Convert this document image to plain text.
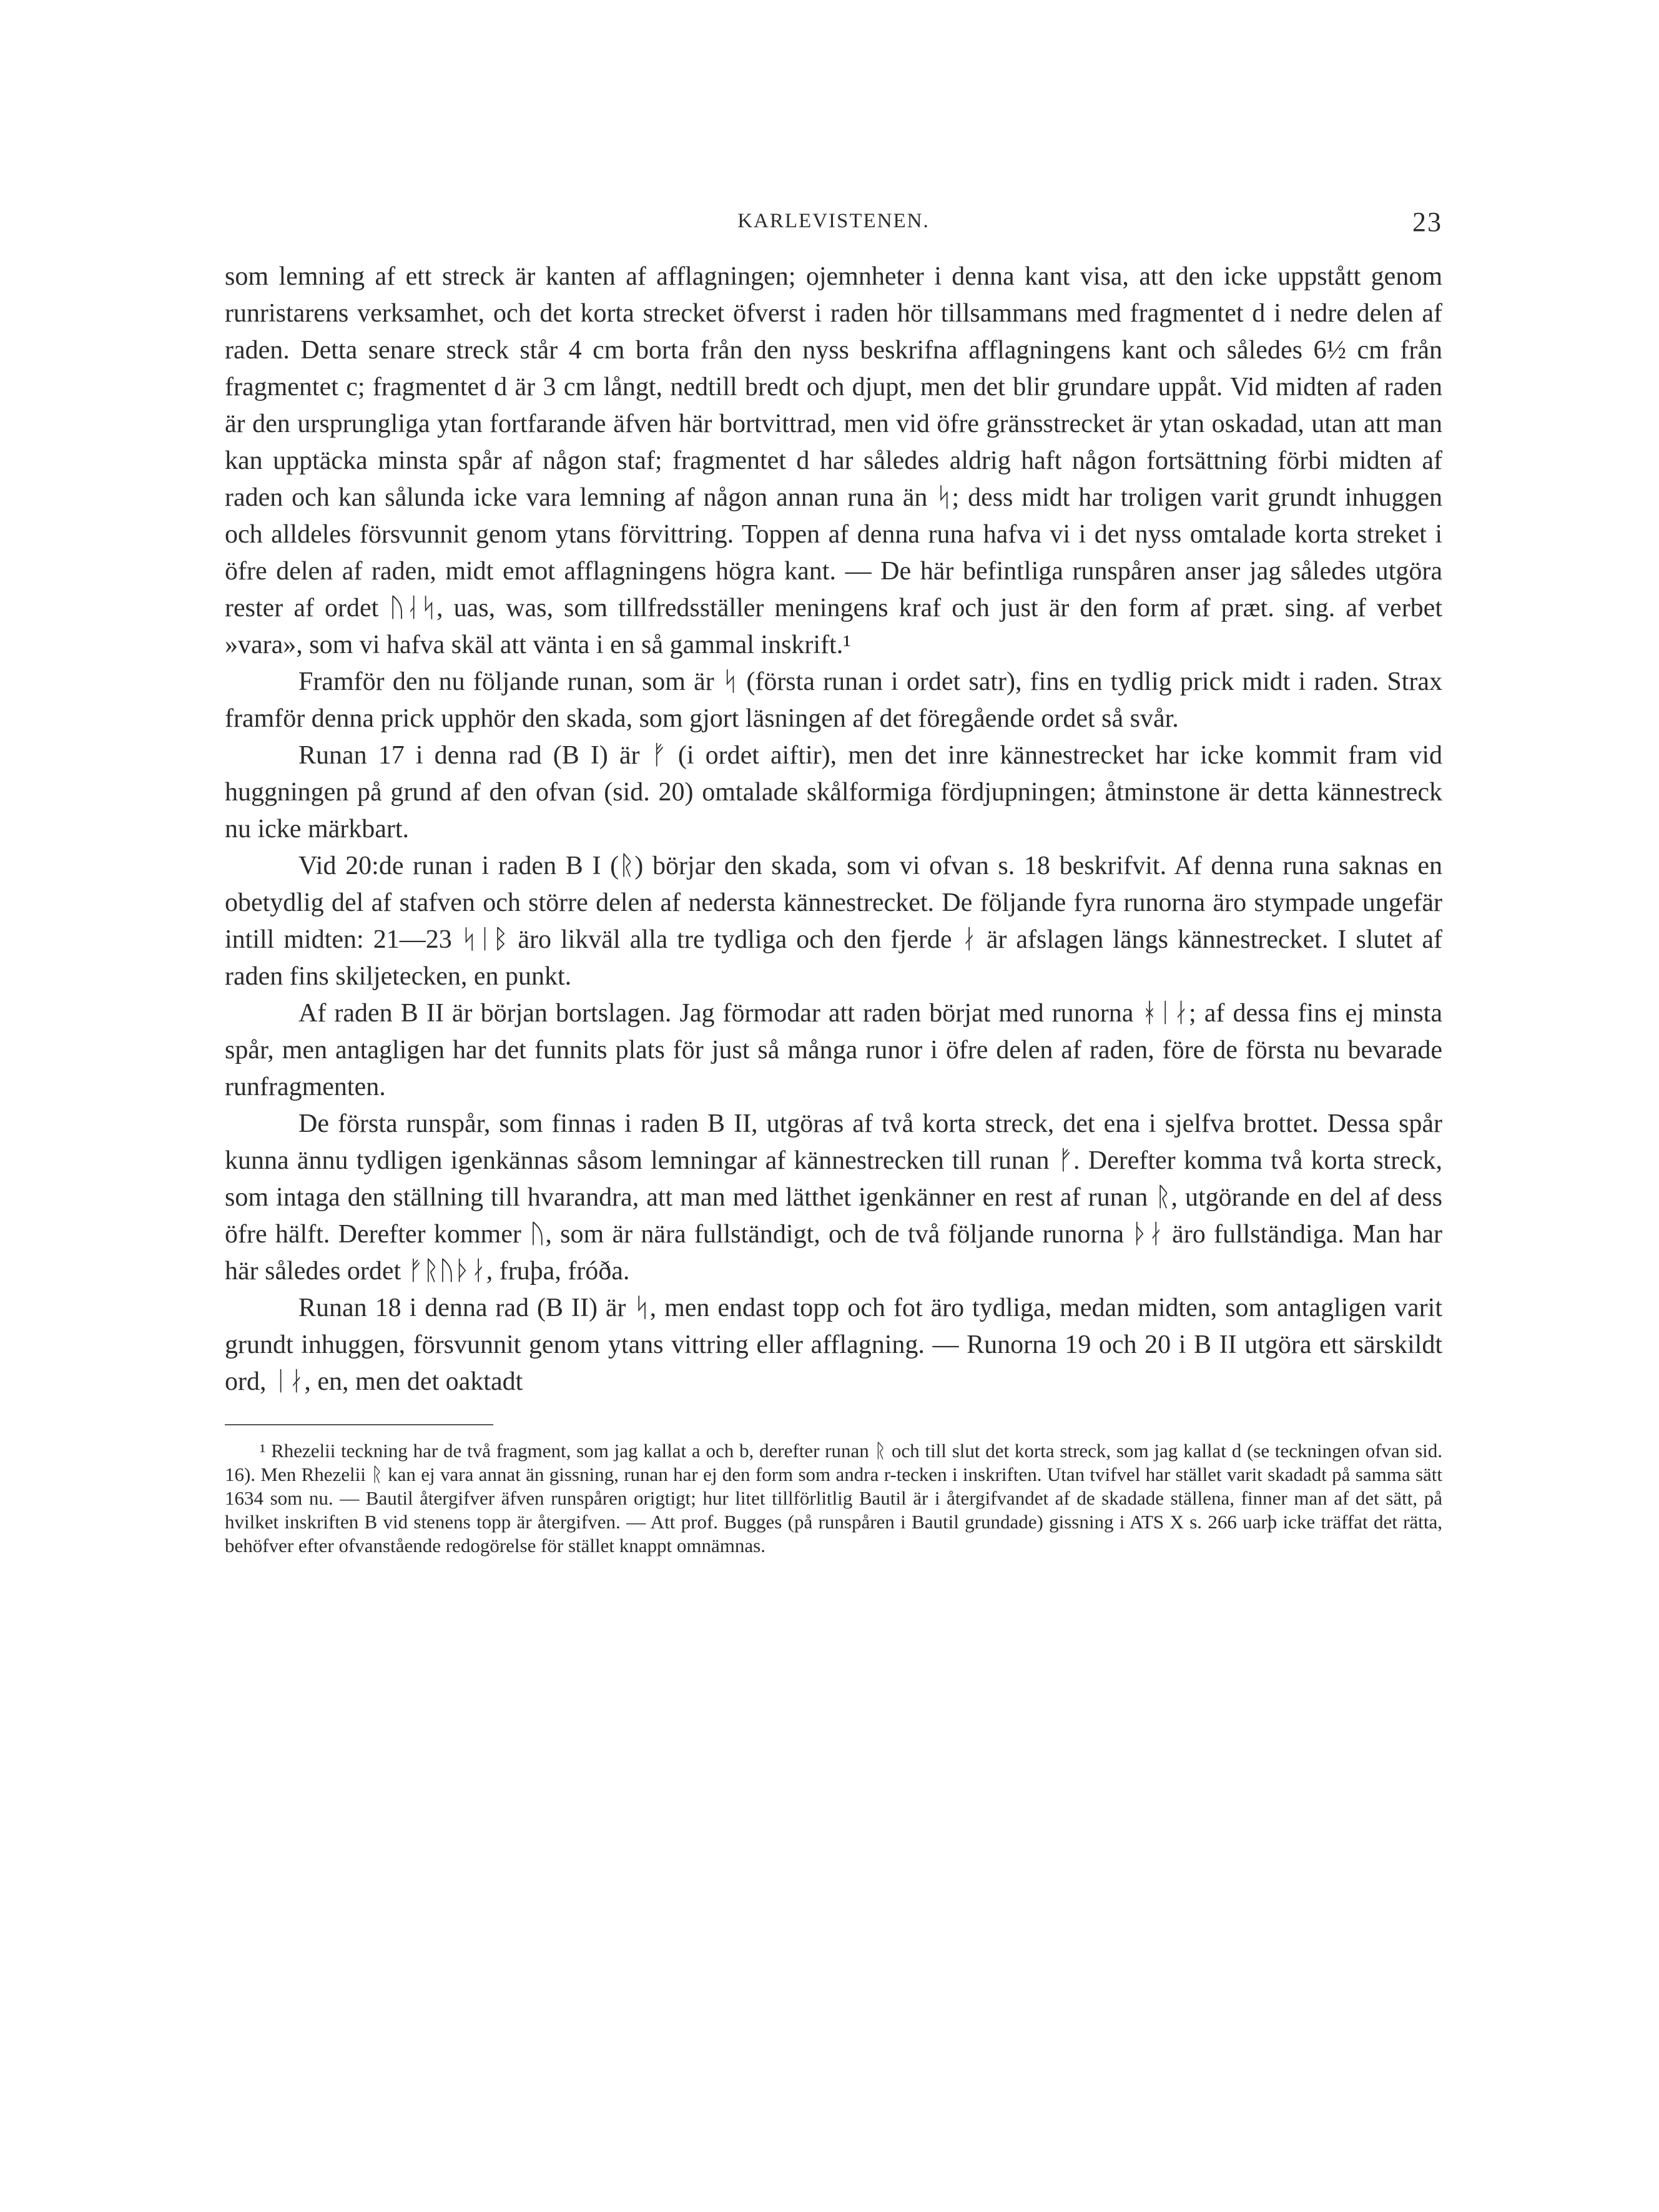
KARLEVISTENEN.	23

som lemning af ett streck är kanten af afflagningen; ojemnheter i denna kant visa, att den icke uppstått genom runristarens verksamhet, och det korta strecket öfverst i raden hör tillsammans med fragmentet d i nedre delen af raden. Detta senare streck står 4 cm borta från den nyss beskrifna afflagningens kant och således 6½ cm från fragmentet c; fragmentet d är 3 cm långt, nedtill bredt och djupt, men det blir grundare uppåt. Vid midten af raden är den ursprungliga ytan fortfarande äfven här bortvittrad, men vid öfre gränsstrecket är ytan oskadad, utan att man kan upptäcka minsta spår af någon staf; fragmentet d har således aldrig haft någon fortsättning förbi midten af raden och kan sålunda icke vara lemning af någon annan runa än ᛋ; dess midt har troligen varit grundt inhuggen och alldeles försvunnit genom ytans förvittring. Toppen af denna runa hafva vi i det nyss omtalade korta streket i öfre delen af raden, midt emot afflagningens högra kant. — De här befintliga runspåren anser jag således utgöra rester af ordet ᚢᛆᛋ, uas, was, som tillfredsställer meningens kraf och just är den form af præt. sing. af verbet »vara», som vi hafva skäl att vänta i en så gammal inskrift.¹

Framför den nu följande runan, som är ᛋ (första runan i ordet satr), fins en tydlig prick midt i raden. Strax framför denna prick upphör den skada, som gjort läsningen af det föregående ordet så svår.

Runan 17 i denna rad (B I) är ᚠ (i ordet aiftir), men det inre kännestrecket har icke kommit fram vid huggningen på grund af den ofvan (sid. 20) omtalade skålformiga fördjupningen; åtminstone är detta kännestreck nu icke märkbart.

Vid 20:de runan i raden B I (ᚱ) börjar den skada, som vi ofvan s. 18 beskrifvit. Af denna runa saknas en obetydlig del af stafven och större delen af nedersta kännestrecket. De följande fyra runorna äro stympade ungefär intill midten: 21—23 ᛋᛁᛒ äro likväl alla tre tydliga och den fjerde ᛅ är afslagen längs kännestrecket. I slutet af raden fins skiljetecken, en punkt.

Af raden B II är början bortslagen. Jag förmodar att raden börjat med runorna ᚼᛁᛅ; af dessa fins ej minsta spår, men antagligen har det funnits plats för just så många runor i öfre delen af raden, före de första nu bevarade runfragmenten.

De första runspår, som finnas i raden B II, utgöras af två korta streck, det ena i sjelfva brottet. Dessa spår kunna ännu tydligen igenkännas såsom lemningar af kännestrecken till runan ᚠ. Derefter komma två korta streck, som intaga den ställning till hvarandra, att man med lätthet igenkänner en rest af runan ᚱ, utgörande en del af dess öfre hälft. Derefter kommer ᚢ, som är nära fullständigt, och de två följande runorna ᚦᛅ äro fullständiga. Man har här således ordet ᚠᚱᚢᚦᛅ, fruþa, fróða.

Runan 18 i denna rad (B II) är ᛋ, men endast topp och fot äro tydliga, medan midten, som antagligen varit grundt inhuggen, försvunnit genom ytans vittring eller afflagning. — Runorna 19 och 20 i B II utgöra ett särskildt ord, ᛁᛅ, en, men det oaktadt

¹ Rhezelii teckning har de två fragment, som jag kallat a och b, derefter runan ᚱ och till slut det korta streck, som jag kallat d (se teckningen ofvan sid. 16). Men Rhezelii ᚱ kan ej vara annat än gissning, runan har ej den form som andra r-tecken i inskriften. Utan tvifvel har stället varit skadadt på samma sätt 1634 som nu. — Bautil återgifver äfven runspåren origtigt; hur litet tillförlitlig Bautil är i återgifvandet af de skadade ställena, finner man af det sätt, på hvilket inskriften B vid stenens topp är återgifven. — Att prof. Bugges (på runspåren i Bautil grundade) gissning i ATS X s. 266 uarþ icke träffat det rätta, behöfver efter ofvanstående redogörelse för stället knappt omnämnas.
